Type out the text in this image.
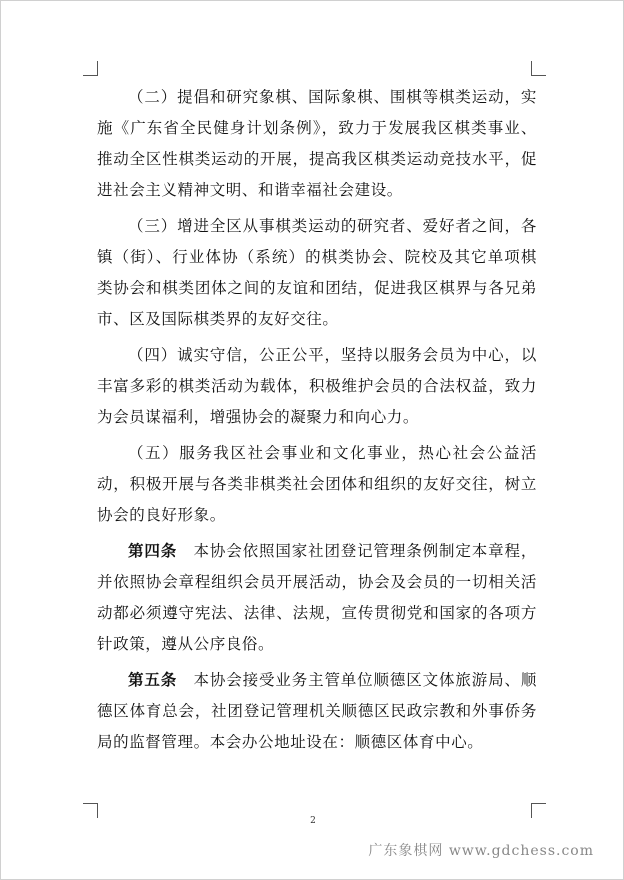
（二）提倡和研究象棋、国际象棋、围棋等棋类运动，实施《广东省全民健身计划条例》，致力于发展我区棋类事业、推动全区性棋类运动的开展，提高我区棋类运动竞技水平，促进社会主义精神文明、和谐幸福社会建设。

（三）增进全区从事棋类运动的研究者、爱好者之间，各镇（街）、行业体协（系统）的棋类协会、院校及其它单项棋类协会和棋类团体之间的友谊和团结，促进我区棋界与各兄弟市、区及国际棋类界的友好交往。

（四）诚实守信，公正公平，坚持以服务会员为中心，以丰富多彩的棋类活动为载体，积极维护会员的合法权益，致力为会员谋福利，增强协会的凝聚力和向心力。

（五）服务我区社会事业和文化事业，热心社会公益活动，积极开展与各类非棋类社会团体和组织的友好交往，树立协会的良好形象。

第四条　 本协会依照国家社团登记管理条例制定本章程，并依照协会章程组织会员开展活动，协会及会员的一切相关活动都必须遵守宪法、法律、法规，宣传贯彻党和国家的各项方针政策，遵从公序良俗。

第五条　 本协会接受业务主管单位顺德区文体旅游局、顺德区体育总会，社团登记管理机关顺德区民政宗教和外事侨务局的监督管理。本会办公地址设在：顺德区体育中心。

2
广东象棋网 www.gdchess.com
